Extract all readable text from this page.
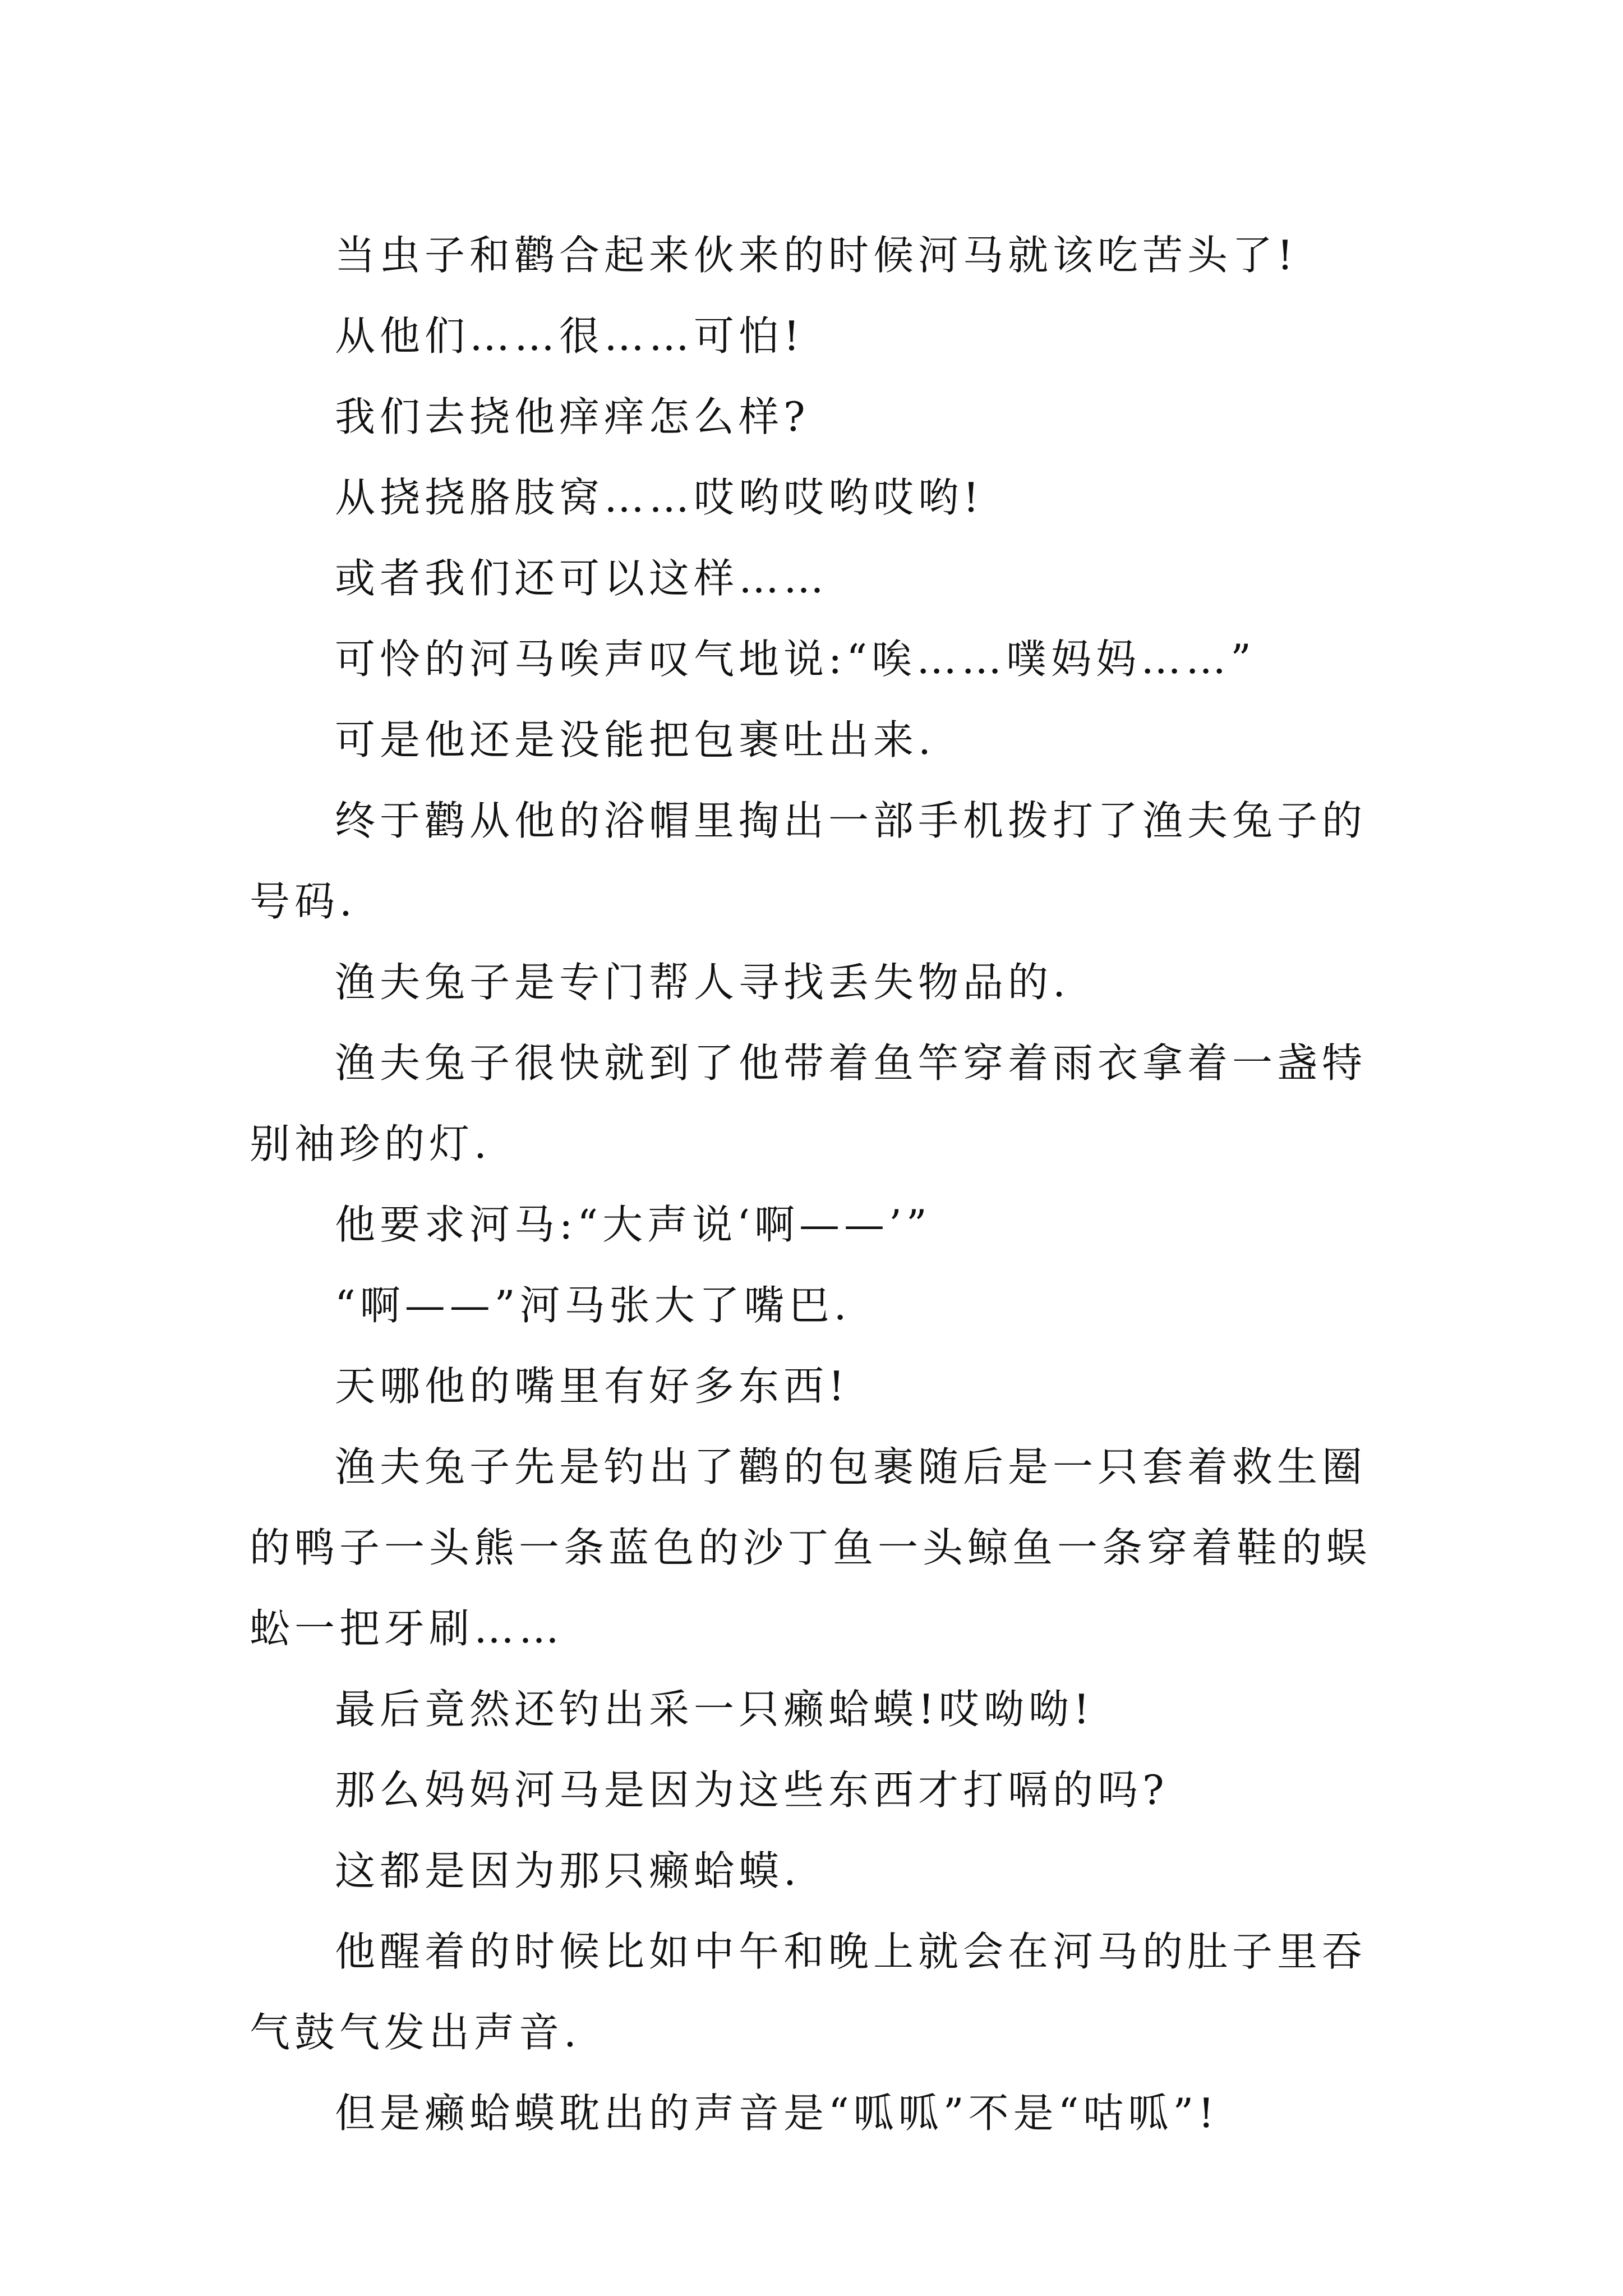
当虫子和鹳合起来伙来的时候河马就该吃苦头了!

从他们……很……可怕!

我们去挠他痒痒怎么样?

从挠挠胳肢窝……哎哟哎哟哎哟!

或者我们还可以这样……

可怜的河马唉声叹气地说:“唉……噗妈妈……”

可是他还是没能把包裹吐出来.

终于鹳从他的浴帽里掏出一部手机拨打了渔夫兔子的号码.

渔夫兔子是专门帮人寻找丢失物品的.

渔夫兔子很快就到了他带着鱼竿穿着雨衣拿着一盏特别袖珍的灯.

他要求河马:“大声说‘啊——’”

“啊——”河马张大了嘴巴.

天哪他的嘴里有好多东西!

渔夫兔子先是钓出了鹳的包裹随后是一只套着救生圈的鸭子一头熊一条蓝色的沙丁鱼一头鲸鱼一条穿着鞋的蜈蚣一把牙刷……

最后竟然还钓出采一只癞蛤蟆!哎呦呦!

那么妈妈河马是因为这些东西才打嗝的吗?

这都是因为那只癞蛤蟆.

他醒着的时候比如中午和晚上就会在河马的肚子里吞气鼓气发出声音.

但是癞蛤蟆耽出的声音是“呱呱”不是“咕呱”!
